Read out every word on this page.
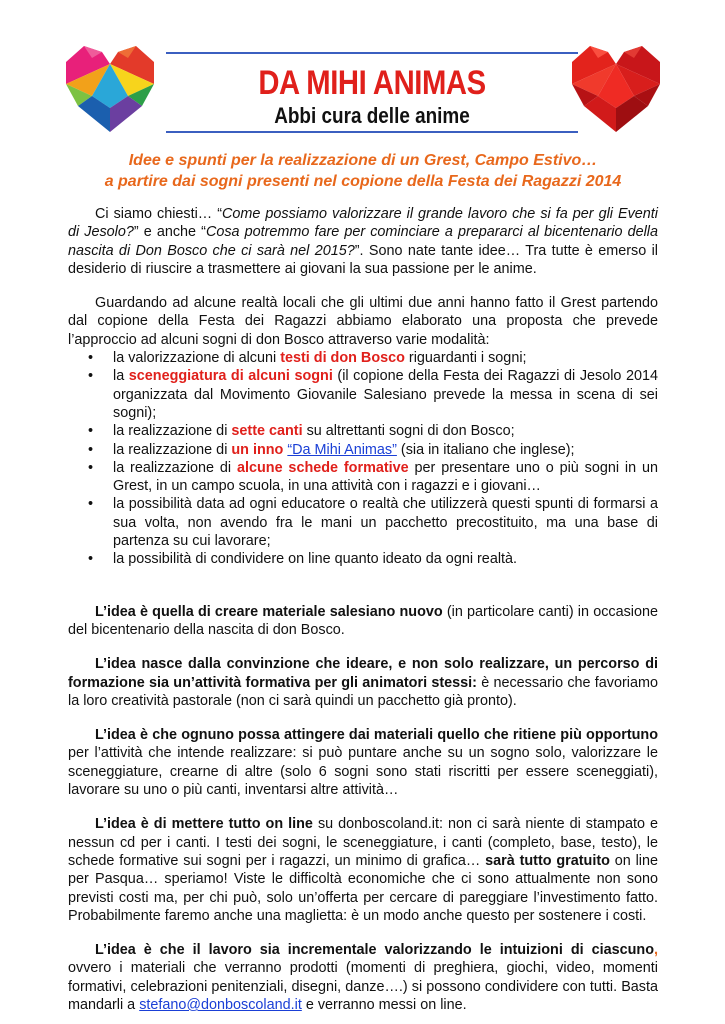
DA MIHI ANIMAS
Abbi cura delle anime
Idee e spunti per la realizzazione di un Grest, Campo Estivo…
a partire dai sogni presenti nel copione della Festa dei Ragazzi 2014

Ci siamo chiesti… “Come possiamo valorizzare il grande lavoro che si fa per gli Eventi di Jesolo?” e anche “Cosa potremmo fare per cominciare a prepararci al bicentenario della nascita di Don Bosco che ci sarà nel 2015?”. Sono nate tante idee… Tra tutte è emerso il desiderio di riuscire a trasmettere ai giovani la sua passione per le anime.

Guardando ad alcune realtà locali che gli ultimi due anni hanno fatto il Grest partendo dal copione della Festa dei Ragazzi abbiamo elaborato una proposta che prevede l’approccio ad alcuni sogni di don Bosco attraverso varie modalità:

• la valorizzazione di alcuni testi di don Bosco riguardanti i sogni;
• la sceneggiatura di alcuni sogni (il copione della Festa dei Ragazzi di Jesolo 2014 organizzata dal Movimento Giovanile Salesiano prevede la messa in scena di sei sogni);
• la realizzazione di sette canti su altrettanti sogni di don Bosco;
• la realizzazione di un inno “Da Mihi Animas” (sia in italiano che inglese);
• la realizzazione di alcune schede formative per presentare uno o più sogni in un Grest, in un campo scuola, in una attività con i ragazzi e i giovani…
• la possibilità data ad ogni educatore o realtà che utilizzerà questi spunti di formarsi a sua volta, non avendo fra le mani un pacchetto precostituito, ma una base di partenza su cui lavorare;
• la possibilità di condividere on line quanto ideato da ogni realtà.

L’idea è quella di creare materiale salesiano nuovo (in particolare canti) in occasione del bicentenario della nascita di don Bosco.

L’idea nasce dalla convinzione che ideare, e non solo realizzare, un percorso di formazione sia un’attività formativa per gli animatori stessi: è necessario che favoriamo la loro creatività pastorale (non ci sarà quindi un pacchetto già pronto).

L’idea è che ognuno possa attingere dai materiali quello che ritiene più opportuno per l’attività che intende realizzare: si può puntare anche su un sogno solo, valorizzare le sceneggiature, crearne di altre (solo 6 sogni sono stati riscritti per essere sceneggiati), lavorare su uno o più canti, inventarsi altre attività…

L’idea è di mettere tutto on line su donboscoland.it: non ci sarà niente di stampato e nessun cd per i canti. I testi dei sogni, le sceneggiature, i canti (completo, base, testo), le schede formative sui sogni per i ragazzi, un minimo di grafica… sarà tutto gratuito on line per Pasqua… speriamo! Viste le difficoltà economiche che ci sono attualmente non sono previsti costi ma, per chi può, solo un’offerta per cercare di pareggiare l’investimento fatto. Probabilmente faremo anche una maglietta: è un modo anche questo per sostenere i costi.

L’idea è che il lavoro sia incrementale valorizzando le intuizioni di ciascuno, ovvero i materiali che verranno prodotti (momenti di preghiera, giochi, video, momenti formativi, celebrazioni penitenziali, disegni, danze….) si possono condividere con tutti. Basta mandarli a stefano@donboscoland.it e verranno messi on line.
